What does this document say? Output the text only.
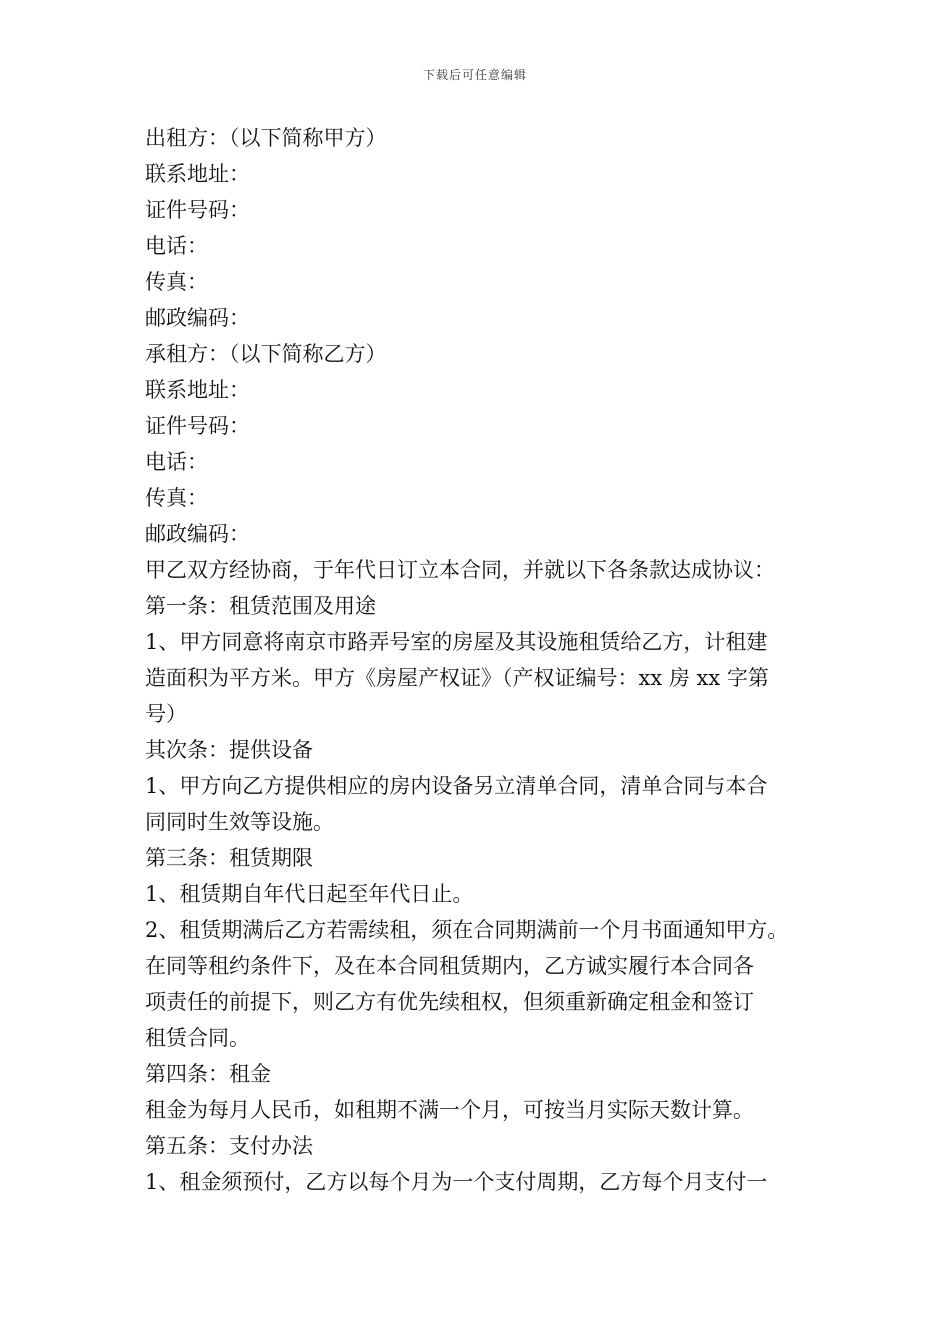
下载后可任意编辑
出租方：（以下简称甲方）
联系地址：
证件号码：
电话：
传真：
邮政编码：
承租方：（以下简称乙方）
联系地址：
证件号码：
电话：
传真：
邮政编码：
甲乙双方经协商，于年代日订立本合同，并就以下各条款达成协议：
第一条：租赁范围及用途
1、甲方同意将南京市路弄号室的房屋及其设施租赁给乙方，计租建
造面积为平方米。甲方《房屋产权证》（产权证编号：xx 房 xx 字第
号）
其次条：提供设备
1、甲方向乙方提供相应的房内设备另立清单合同，清单合同与本合
同同时生效等设施。
第三条：租赁期限
1、租赁期自年代日起至年代日止。
2、租赁期满后乙方若需续租，须在合同期满前一个月书面通知甲方。
在同等租约条件下，及在本合同租赁期内，乙方诚实履行本合同各
项责任的前提下，则乙方有优先续租权，但须重新确定租金和签订
租赁合同。
第四条：租金
租金为每月人民币，如租期不满一个月，可按当月实际天数计算。
第五条：支付办法
1、租金须预付，乙方以每个月为一个支付周期，乙方每个月支付一
